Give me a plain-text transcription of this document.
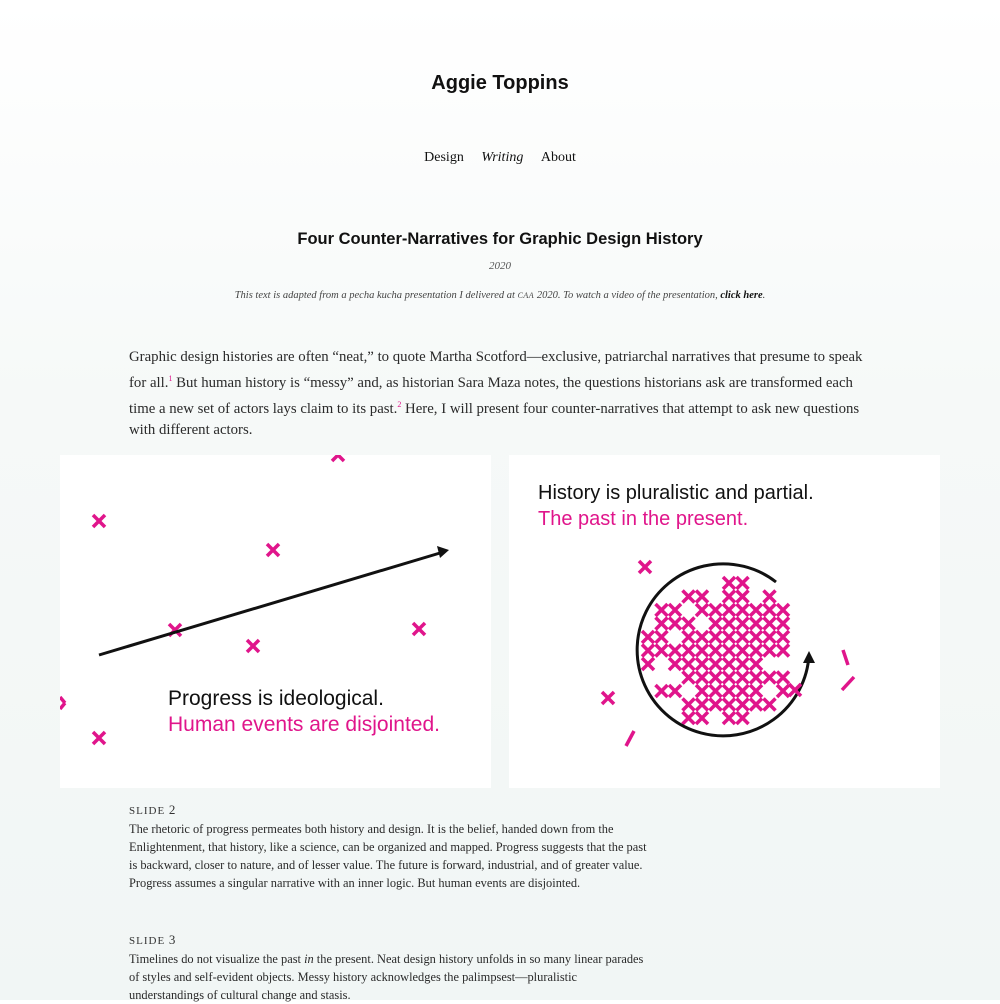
Aggie Toppins
Design Writing About
Four Counter-Narratives for Graphic Design History
2020
This text is adapted from a pecha kucha presentation I delivered at CAA 2020. To watch a video of the presentation, click here.

Graphic design histories are often “neat,” to quote Martha Scotford—exclusive, patriarchal narratives that presume to speak for all.$^1$ But human history is “messy” and, as historian Sara Maza notes, the questions historians ask are transformed each time a new set of actors lays claim to its past.$^2$ Here, I will present four counter-narratives that attempt to ask new questions with different actors.

Progress is ideological.
Human events are disjointed.
History is pluralistic and partial.
The past in the present.
SLIDE 2

The rhetoric of progress permeates both history and design. It is the belief, handed down from the Enlightenment, that history, like a science, can be organized and mapped. Progress suggests that the past is backward, closer to nature, and of lesser value. The future is forward, industrial, and of greater value. Progress assumes a singular narrative with an inner logic. But human events are disjointed.

SLIDE 3

Timelines do not visualize the past in the present. Neat design history unfolds in so many linear parades of styles and self-evident objects. Messy history acknowledges the palimpsest—pluralistic understandings of cultural change and stasis.
